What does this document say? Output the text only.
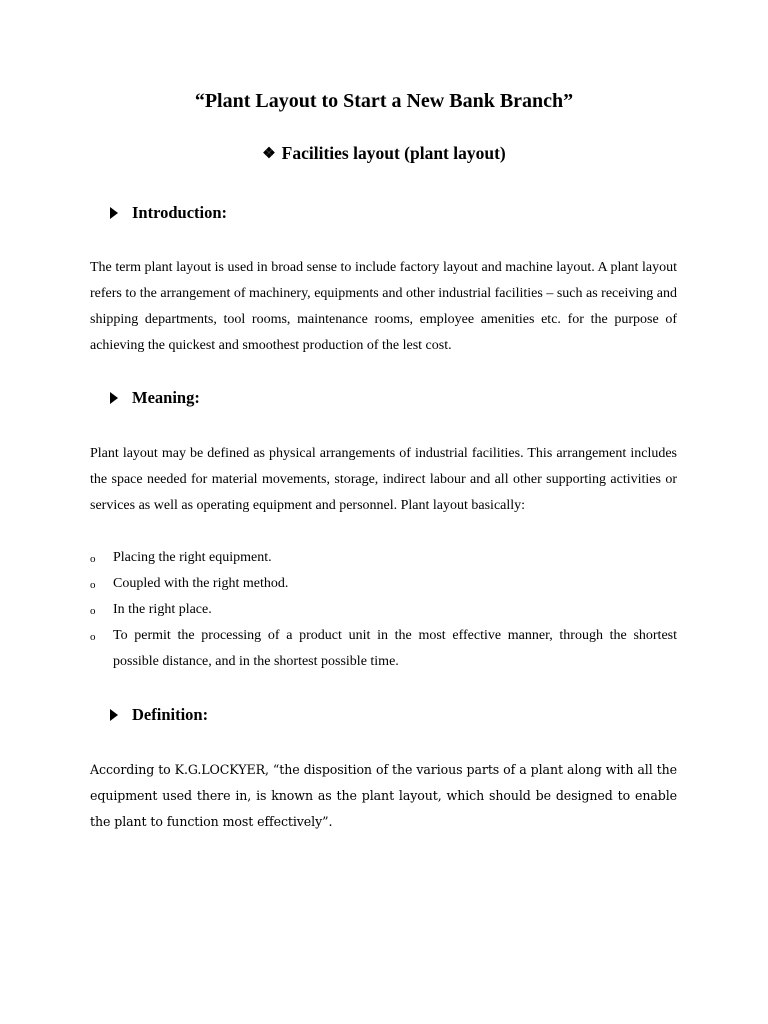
“Plant Layout to Start a New Bank Branch”
❖ Facilities layout (plant layout)
Introduction:

The term plant layout is used in broad sense to include factory layout and machine layout. A plant layout refers to the arrangement of machinery, equipments and other industrial facilities – such as receiving and shipping departments, tool rooms, maintenance rooms, employee amenities etc. for the purpose of achieving the quickest and smoothest production of the lest cost.

Meaning:

Plant layout may be defined as physical arrangements of industrial facilities. This arrangement includes the space needed for material movements, storage, indirect labour and all other supporting activities or services as well as operating equipment and personnel. Plant layout basically:

o Placing the right equipment.
o Coupled with the right method.
o In the right place.
o To permit the processing of a product unit in the most effective manner, through the shortest possible distance, and in the shortest possible time.
Definition:

According to K.G.LOCKYER, “the disposition of the various parts of a plant along with all the equipment used there in, is known as the plant layout, which should be designed to enable the plant to function most effectively”.
